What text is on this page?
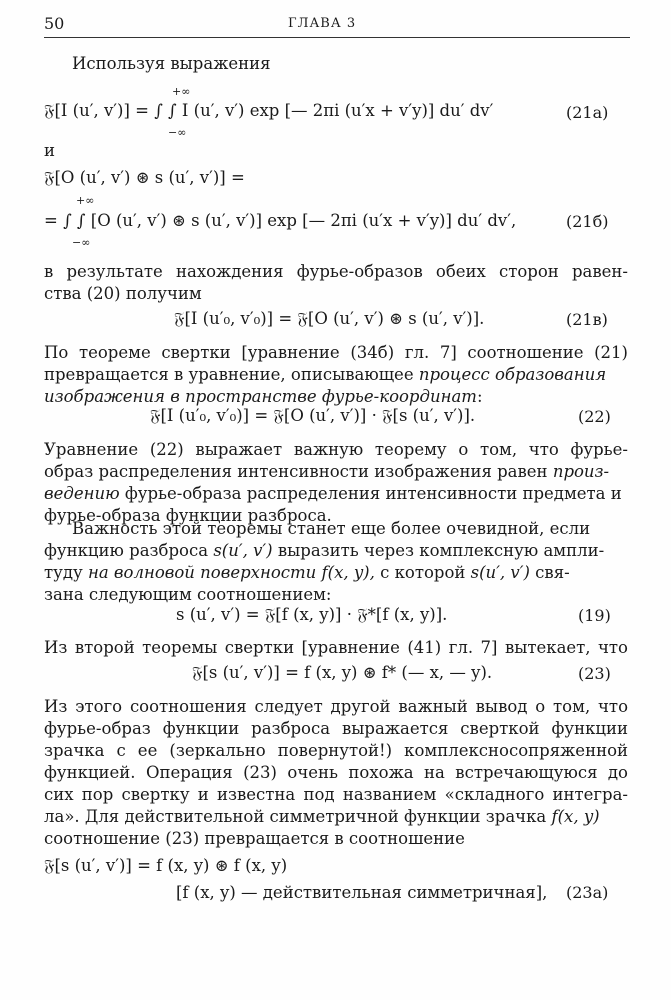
50	ГЛАВА 3
Используя выражения
+∞
𝔉[I (u′, v′)] = ∫ ∫ I (u′, v′) exp [— 2πi (u′x + v′y)] du′ dv′
−∞
(21a)
и
𝔉[O (u′, v′) ⊛ s (u′, v′)] =
+∞
= ∫ ∫ [O (u′, v′) ⊛ s (u′, v′)] exp [— 2πi (u′x + v′y)] du′ dv′,
−∞
(21б)
в результате нахождения фурье-образов обеих сторон равен-
ства (20) получим
𝔉[I (u′₀, v′₀)] = 𝔉[O (u′, v′) ⊛ s (u′, v′)].	(21в)
По теореме свертки [уравнение (34б) гл. 7] соотношение (21)
превращается в уравнение, описывающее процесс образования
изображения в пространстве фурье-координат:
𝔉[I (u′₀, v′₀)] = 𝔉[O (u′, v′)] · 𝔉[s (u′, v′)].	(22)
Уравнение (22) выражает важную теорему о том, что фурье-
образ распределения интенсивности изображения равен произ-
ведению фурье-образа распределения интенсивности предмета и
фурье-образа функции разброса.
Важность этой теоремы станет еще более очевидной, если
функцию разброса s(u′, v′) выразить через комплексную ампли-
туду на волновой поверхности f(x, y), с которой s(u′, v′) свя-
зана следующим соотношением:
s (u′, v′) = 𝔉[f (x, y)] · 𝔉*[f (x, y)].	(19)
Из второй теоремы свертки [уравнение (41) гл. 7] вытекает, что
𝔉[s (u′, v′)] = f (x, y) ⊛ f* (— x, — y).	(23)
Из этого соотношения следует другой важный вывод о том, что
фурье-образ функции разброса выражается сверткой функции
зрачка с ее (зеркально повернутой!) комплексносопряженной
функцией. Операция (23) очень похожа на встречающуюся до
сих пор свертку и известна под названием «складного интегра-
ла». Для действительной симметричной функции зрачка f(x, y)
соотношение (23) превращается в соотношение
𝔉[s (u′, v′)] = f (x, y) ⊛ f (x, y)
[f (x, y) — действительная симметричная], (23a)
